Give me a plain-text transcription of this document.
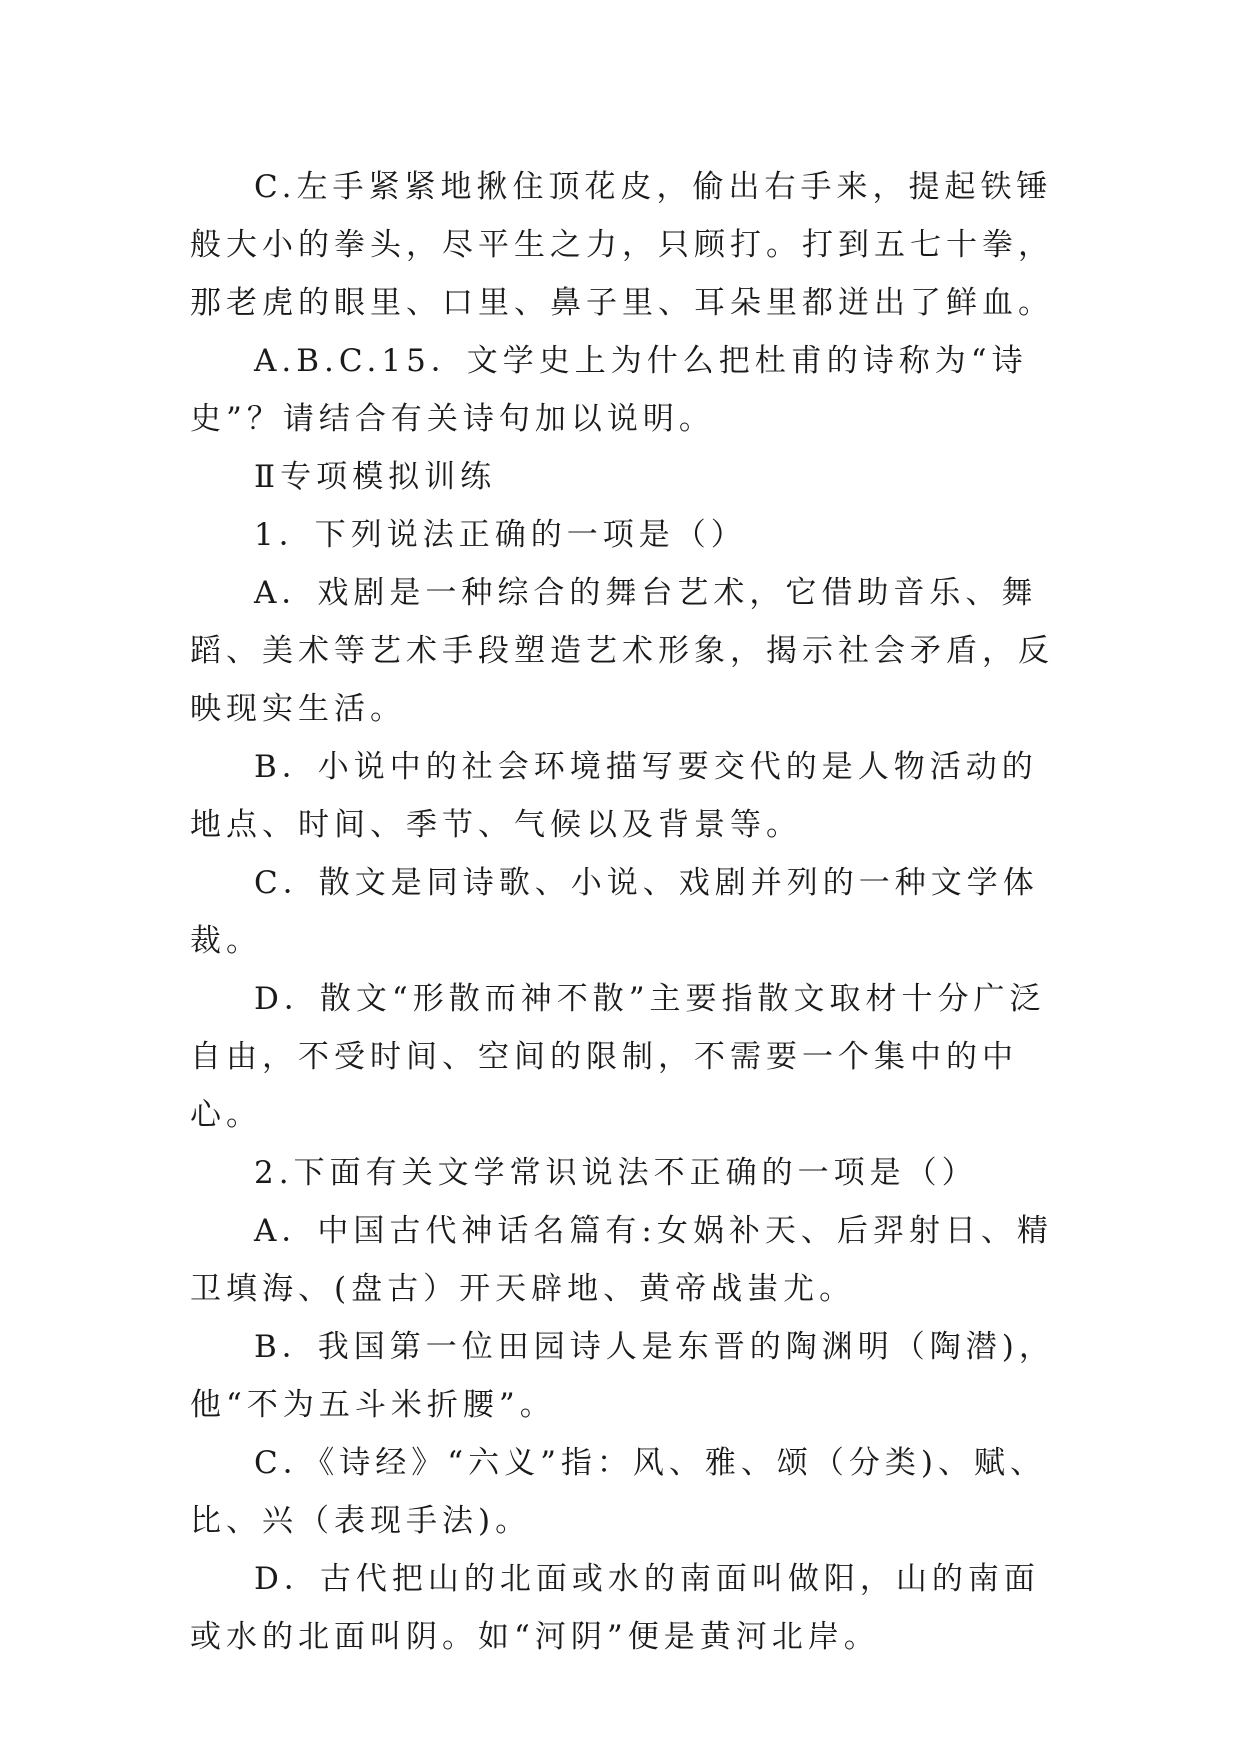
C.左手紧紧地揪住顶花皮，偷出右手来，提起铁锤般大小的拳头，尽平生之力，只顾打。打到五七十拳，那老虎的眼里、口里、鼻子里、耳朵里都迸出了鲜血。

A.B.C.15．文学史上为什么把杜甫的诗称为“诗史”？请结合有关诗句加以说明。

Ⅱ专项模拟训练

1．下列说法正确的一项是（）

A．戏剧是一种综合的舞台艺术，它借助音乐、舞蹈、美术等艺术手段塑造艺术形象，揭示社会矛盾，反映现实生活。

B．小说中的社会环境描写要交代的是人物活动的地点、时间、季节、气候以及背景等。

C．散文是同诗歌、小说、戏剧并列的一种文学体裁。

D．散文“形散而神不散”主要指散文取材十分广泛自由，不受时间、空间的限制，不需要一个集中的中心。

2.下面有关文学常识说法不正确的一项是（）

A．中国古代神话名篇有:女娲补天、后羿射日、精卫填海、(盘古）开天辟地、黄帝战蚩尤。

B．我国第一位田园诗人是东晋的陶渊明（陶潜)，他“不为五斗米折腰”。

C．《诗经》“六义”指：风、雅、颂（分类)、赋、比、兴（表现手法)。

D．古代把山的北面或水的南面叫做阳，山的南面或水的北面叫阴。如“河阴”便是黄河北岸。
